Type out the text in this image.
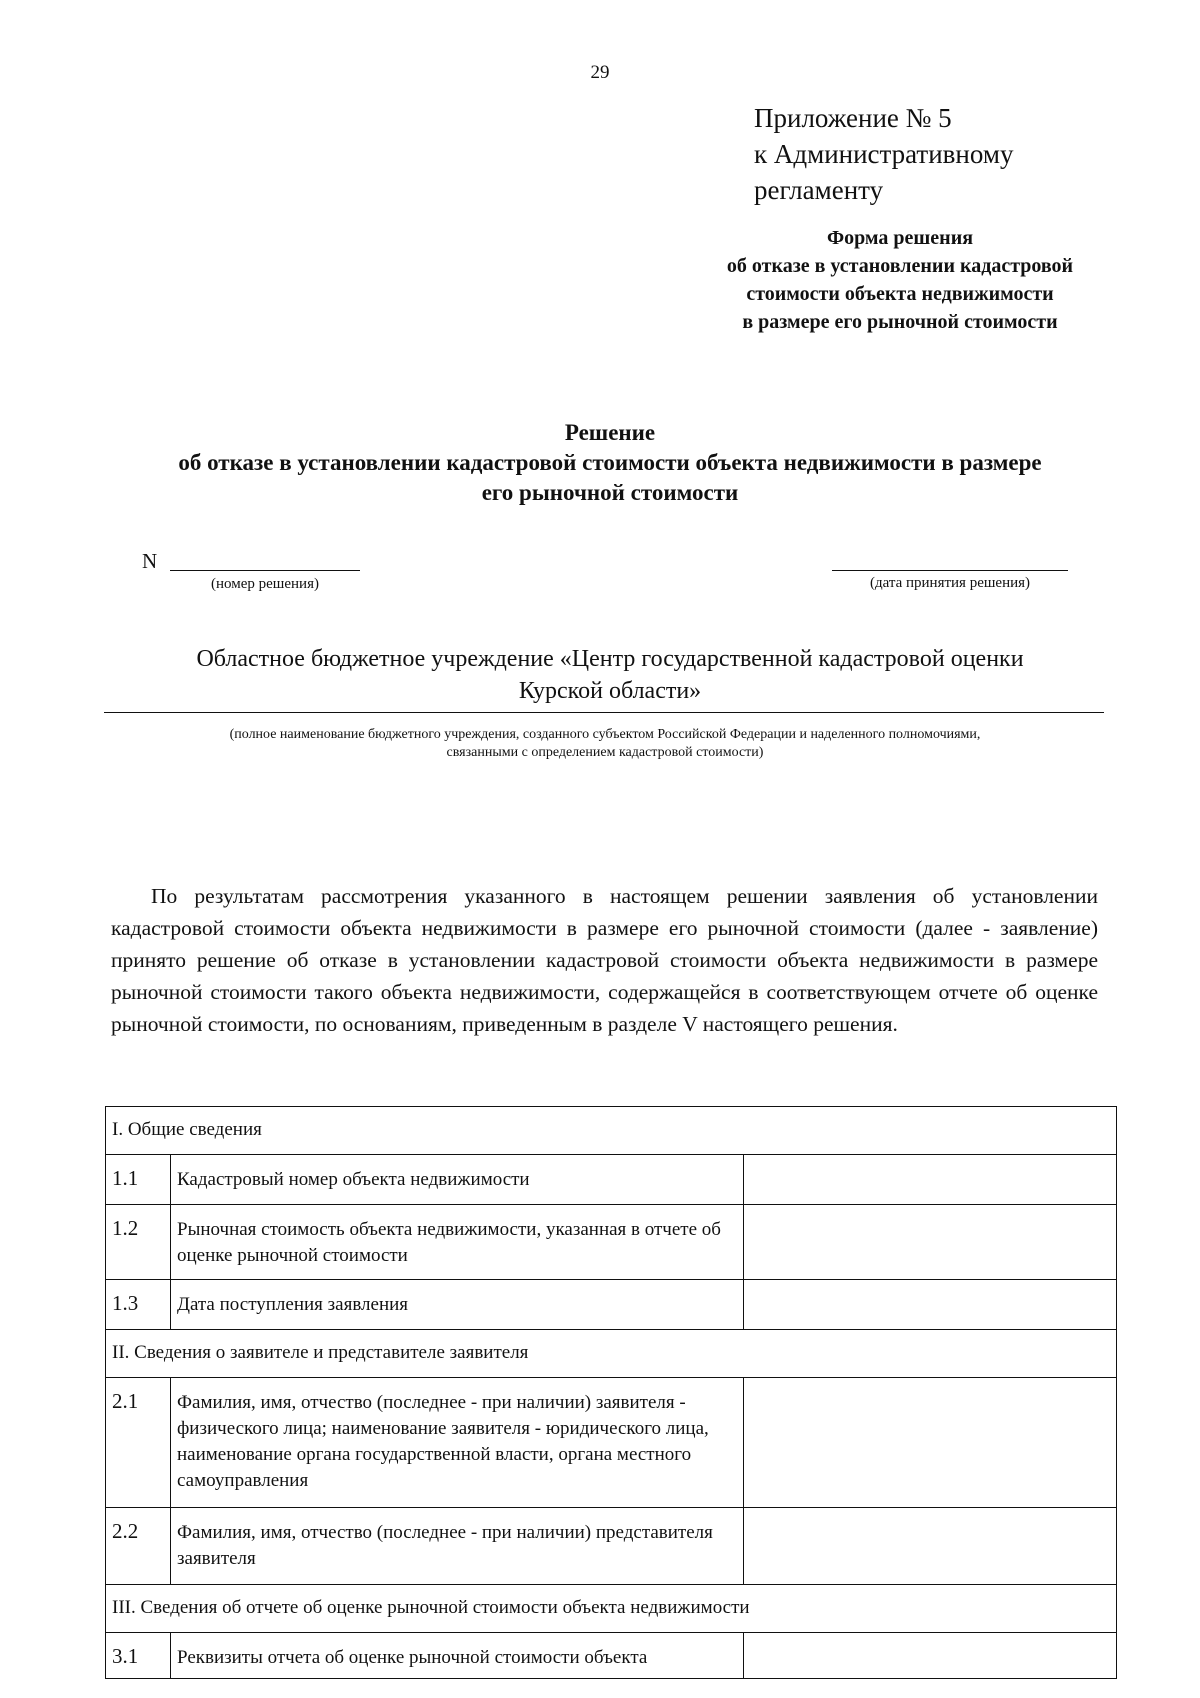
29
Приложение № 5
к Административному
регламенту
Форма решения
об отказе в установлении кадастровой
стоимости объекта недвижимости
в размере его рыночной стоимости
Решение
об отказе в установлении кадастровой стоимости объекта недвижимости в размере
его рыночной стоимости
N
(номер решения)	(дата принятия решения)
Областное бюджетное учреждение «Центр государственной кадастровой оценки
Курской области»
(полное наименование бюджетного учреждения, созданного субъектом Российской Федерации и наделенного полномочиями,
связанными с определением кадастровой стоимости)
По результатам рассмотрения указанного в настоящем решении заявления об установлении кадастровой стоимости объекта недвижимости в размере его рыночной стоимости (далее - заявление) принято решение об отказе в установлении кадастровой стоимости объекта недвижимости в размере рыночной стоимости такого объекта недвижимости, содержащейся в соответствующем отчете об оценке рыночной стоимости, по основаниям, приведенным в разделе V настоящего решения.
I. Общие сведения		
1.1	Кадастровый номер объекта недвижимости	
1.2	Рыночная стоимость объекта недвижимости, указанная в отчете об оценке рыночной стоимости	
1.3	Дата поступления заявления	
II. Сведения о заявителе и представителе заявителя		
2.1	Фамилия, имя, отчество (последнее - при наличии) заявителя - физического лица; наименование заявителя - юридического лица, наименование органа государственной власти, органа местного самоуправления	
2.2	Фамилия, имя, отчество (последнее - при наличии) представителя заявителя	
III. Сведения об отчете об оценке рыночной стоимости объекта недвижимости		
3.1	Реквизиты отчета об оценке рыночной стоимости объекта	
